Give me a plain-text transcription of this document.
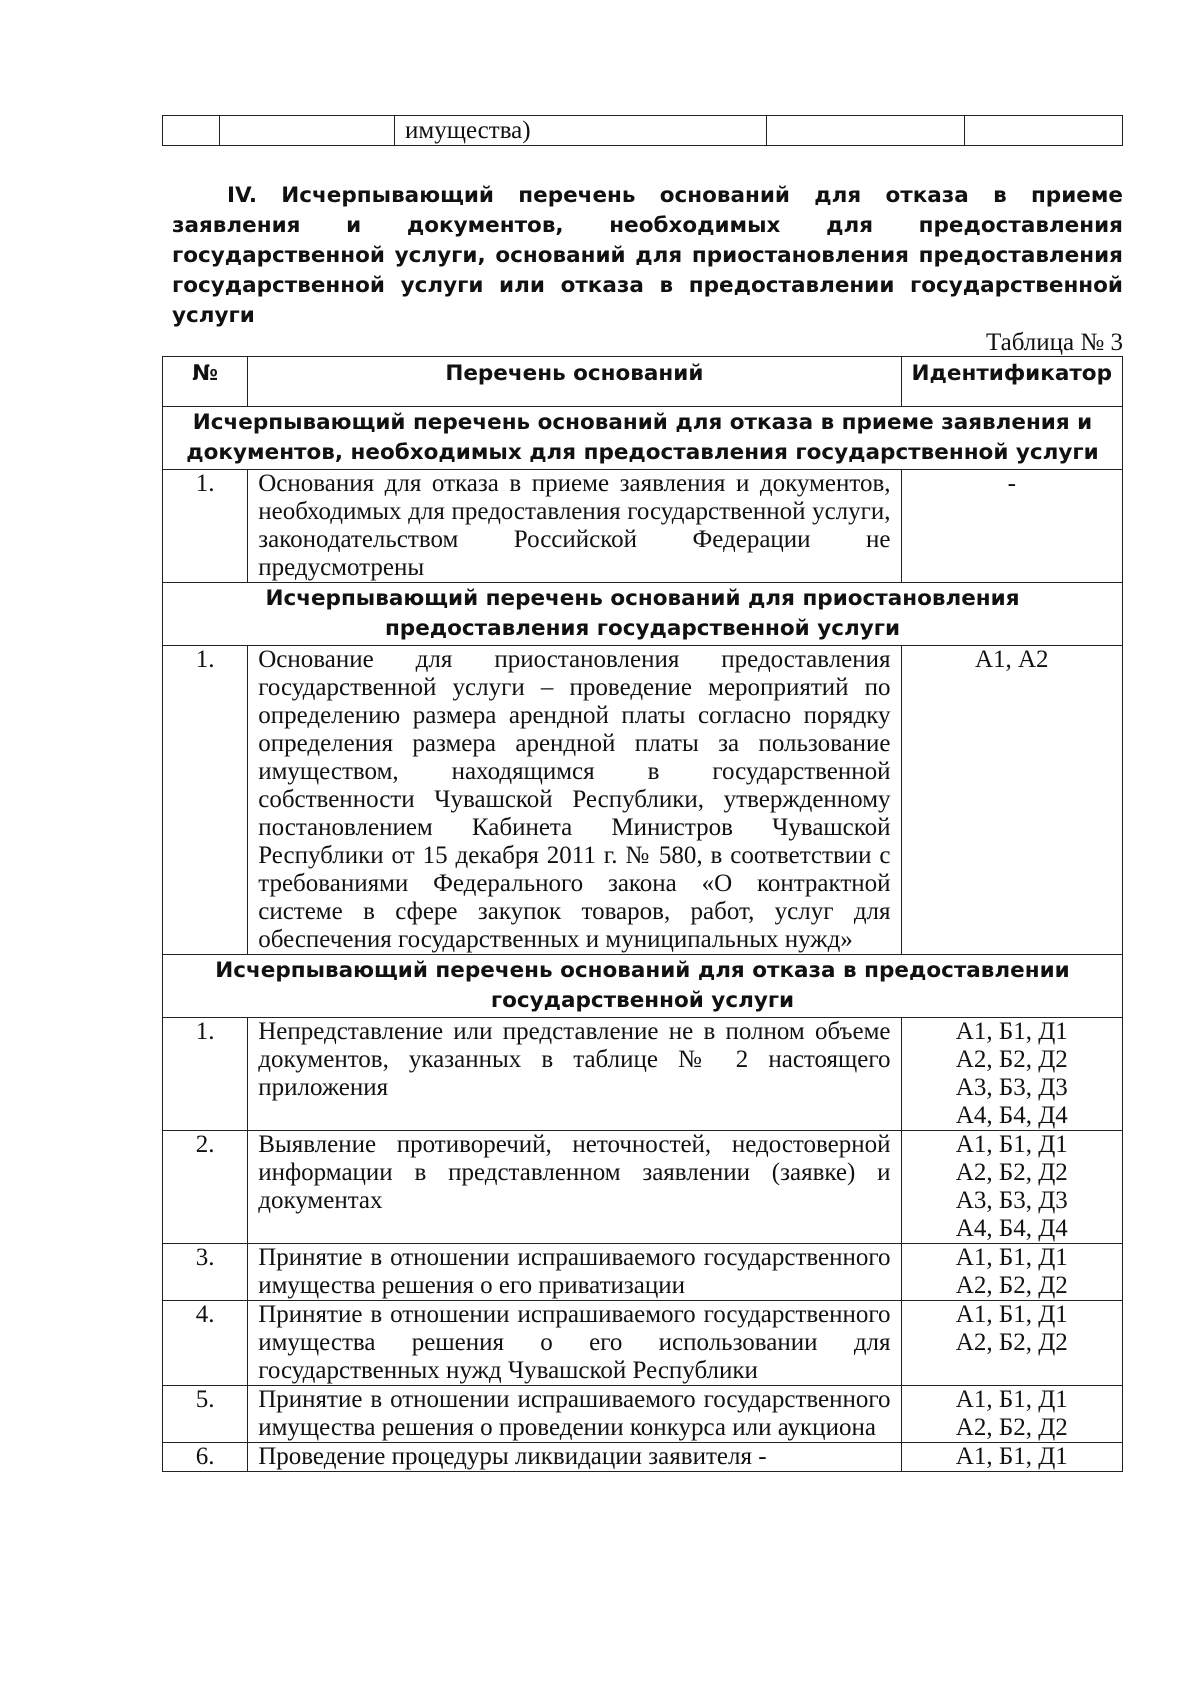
		имущества)		

IV. Исчерпывающий перечень оснований для отказа в приеме заявления и документов, необходимых для предоставления государственной услуги, оснований для приостановления предоставления государственной услуги или отказа в предоставлении государственной услуги

Таблица № 3
№	Перечень оснований	Идентификатор
Исчерпывающий перечень оснований для отказа в приеме заявления и документов, необходимых для предоставления государственной услуги		
1.	Основания для отказа в приеме заявления и документов, необходимых для предоставления государственной услуги, законодательством Российской Федерации не предусмотрены	-

Исчерпывающий перечень оснований для приостановления предоставления государственной услуги		
1.	Основание для приостановления предоставления государственной услуги – проведение мероприятий по определению размера арендной платы согласно порядку определения размера арендной платы за пользование имуществом, находящимся в государственной собственности Чувашской Республики, утвержденному постановлением Кабинета Министров Чувашской Республики от 15 декабря 2011 г. № 580, в соответствии с требованиями Федерального закона «О контрактной системе в сфере закупок товаров, работ, услуг для обеспечения государственных и муниципальных нужд»	А1, А2

Исчерпывающий перечень оснований для отказа в предоставлении государственной услуги		
1.	Непредставление или представление не в полном объеме документов, указанных в таблице № 2 настоящего приложения	А1, Б1, Д1
А2, Б2, Д2
А3, Б3, Д3
А4, Б4, Д4

2.	Выявление противоречий, неточностей, недостоверной информации в представленном заявлении (заявке) и документах	А1, Б1, Д1
А2, Б2, Д2
А3, Б3, Д3
А4, Б4, Д4

3.	Принятие в отношении испрашиваемого государственного имущества решения о его приватизации	А1, Б1, Д1
А2, Б2, Д2

4.	Принятие в отношении испрашиваемого государственного имущества решения о его использовании для государственных нужд Чувашской Республики	А1, Б1, Д1
А2, Б2, Д2

5.	Принятие в отношении испрашиваемого государственного имущества решения о проведении конкурса или аукциона	А1, Б1, Д1
А2, Б2, Д2

6.	Проведение процедуры ликвидации заявителя -	А1, Б1, Д1
